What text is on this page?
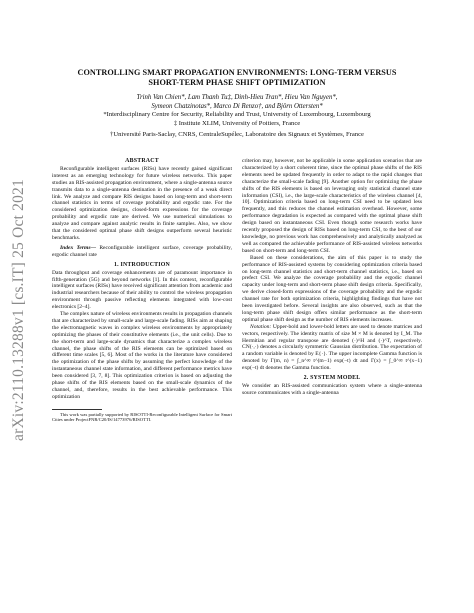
arXiv:2110.13288v1 [cs.IT] 25 Oct 2021
CONTROLLING SMART PROPAGATION ENVIRONMENTS: LONG-TERM VERSUS
SHORT-TERM PHASE SHIFT OPTIMIZATION
Trinh Van Chien*, Lam Thanh Tu‡, Dinh-Hieu Tran*, Hieu Van Nguyen*,
Symeon Chatzinotas*, Marco Di Renzo†, and Björn Ottersten*
*Interdisciplinary Centre for Security, Reliability and Trust, University of Luxembourg, Luxembourg
‡ Institute XLIM, University of Poitiers, France
†Université Paris-Saclay, CNRS, CentraleSupélec, Laboratoire des Signaux et Systèmes, France
ABSTRACT

Reconfigurable intelligent surfaces (RISs) have recently gained significant interest as an emerging technology for future wireless networks. This paper studies an RIS-assisted propagation environment, where a single-antenna source transmits data to a single-antenna destination in the presence of a weak direct link. We analyze and compare RIS designs based on long-term and short-term channel statistics in terms of coverage probability and ergodic rate. For the considered optimization designs, closed-form expressions for the coverage probability and ergodic rate are derived. We use numerical simulations to analyze and compare against analytic results in finite samples. Also, we show that the considered optimal phase shift designs outperform several heuristic benchmarks.

Index Terms— Reconfigurable intelligent surface, coverage probability, ergodic channel rate

1. INTRODUCTION

Data throughput and coverage enhancements are of paramount importance in fifth-generation (5G) and beyond networks [1]. In this context, reconfigurable intelligent surfaces (RISs) have received significant attention from academic and industrial researchers because of their ability to control the wireless propagation environment through passive reflecting elements integrated with low-cost electronics [2–4].

The complex nature of wireless environments results in propagation channels that are characterized by small-scale and large-scale fading. RISs aim at shaping the electromagnetic waves in complex wireless environments by appropriately optimizing the phases of their constitutive elements (i.e., the unit cells). Due to the short-term and large-scale dynamics that characterize a complex wireless channel, the phase shifts of the RIS elements can be optimized based on different time scales [5, 6]. Most of the works in the literature have considered the optimization of the phase shifts by assuming the perfect knowledge of the instantaneous channel state information, and different performance metrics have been considered [3, 7, 8]. This optimization criterion is based on adjusting the phase shifts of the RIS elements based on the small-scale dynamics of the channel, and, therefore, results in the best achievable performance. This optimization

This work was partially supported by RISOTTI-Reconfigurable Intelligent Surface for Smart Cities under ProjectFNR/C20/IS/14773976/RISOTTI.

criterion may, however, not be applicable in some application scenarios that are characterized by a short coherent time, since the optimal phase shifts of the RIS elements need be updated frequently in order to adapt to the rapid changes that characterize the small-scale fading [9]. Another option for optimizing the phase shifts of the RIS elements is based on leveraging only statistical channel state information (CSI), i.e., the large-scale characteristics of the wireless channel [4, 10]. Optimization criteria based on long-term CSI need to be updated less frequently, and this reduces the channel estimation overhead. However, some performance degradation is expected as compared with the optimal phase shift design based on instantaneous CSI. Even though some research works have recently proposed the design of RISs based on long-term CSI, to the best of our knowledge, no previous work has comprehensively and analytically analyzed as well as compared the achievable performance of RIS-assisted wireless networks based on short-term and long-term CSI.

Based on these considerations, the aim of this paper is to study the performance of RIS-assisted systems by considering optimization criteria based on long-term channel statistics and short-term channel statistics, i.e., based on prefect CSI. We analyze the coverage probability and the ergodic channel capacity under long-term and short-term phase shift design criteria. Specifically, we derive closed-form expressions of the coverage probability and the ergodic channel rate for both optimization criteria, highlighting findings that have not been investigated before. Several insights are also observed, such as that the long-term phase shift design offers similar performance as the short-term optimal phase shift design as the number of RIS elements increases.

Notation: Upper-bold and lower-bold letters are used to denote matrices and vectors, respectively. The identity matrix of size M × M is denoted by I_M. The Hermitian and regular transpose are denoted (·)^H and (·)^T, respectively. CN(·,·) denotes a circularly symmetric Gaussian distribution. The expectation of a random variable is denoted by E{·}. The upper incomplete Gamma function is denoted by Γ(m, n) = ∫_n^∞ t^(m−1) exp(−t) dt and Γ(x) = ∫_0^∞ t^(x−1) exp(−t) dt denotes the Gamma function.

2. SYSTEM MODEL

We consider an RIS-assisted communication system where a single-antenna source communicates with a single-antenna
